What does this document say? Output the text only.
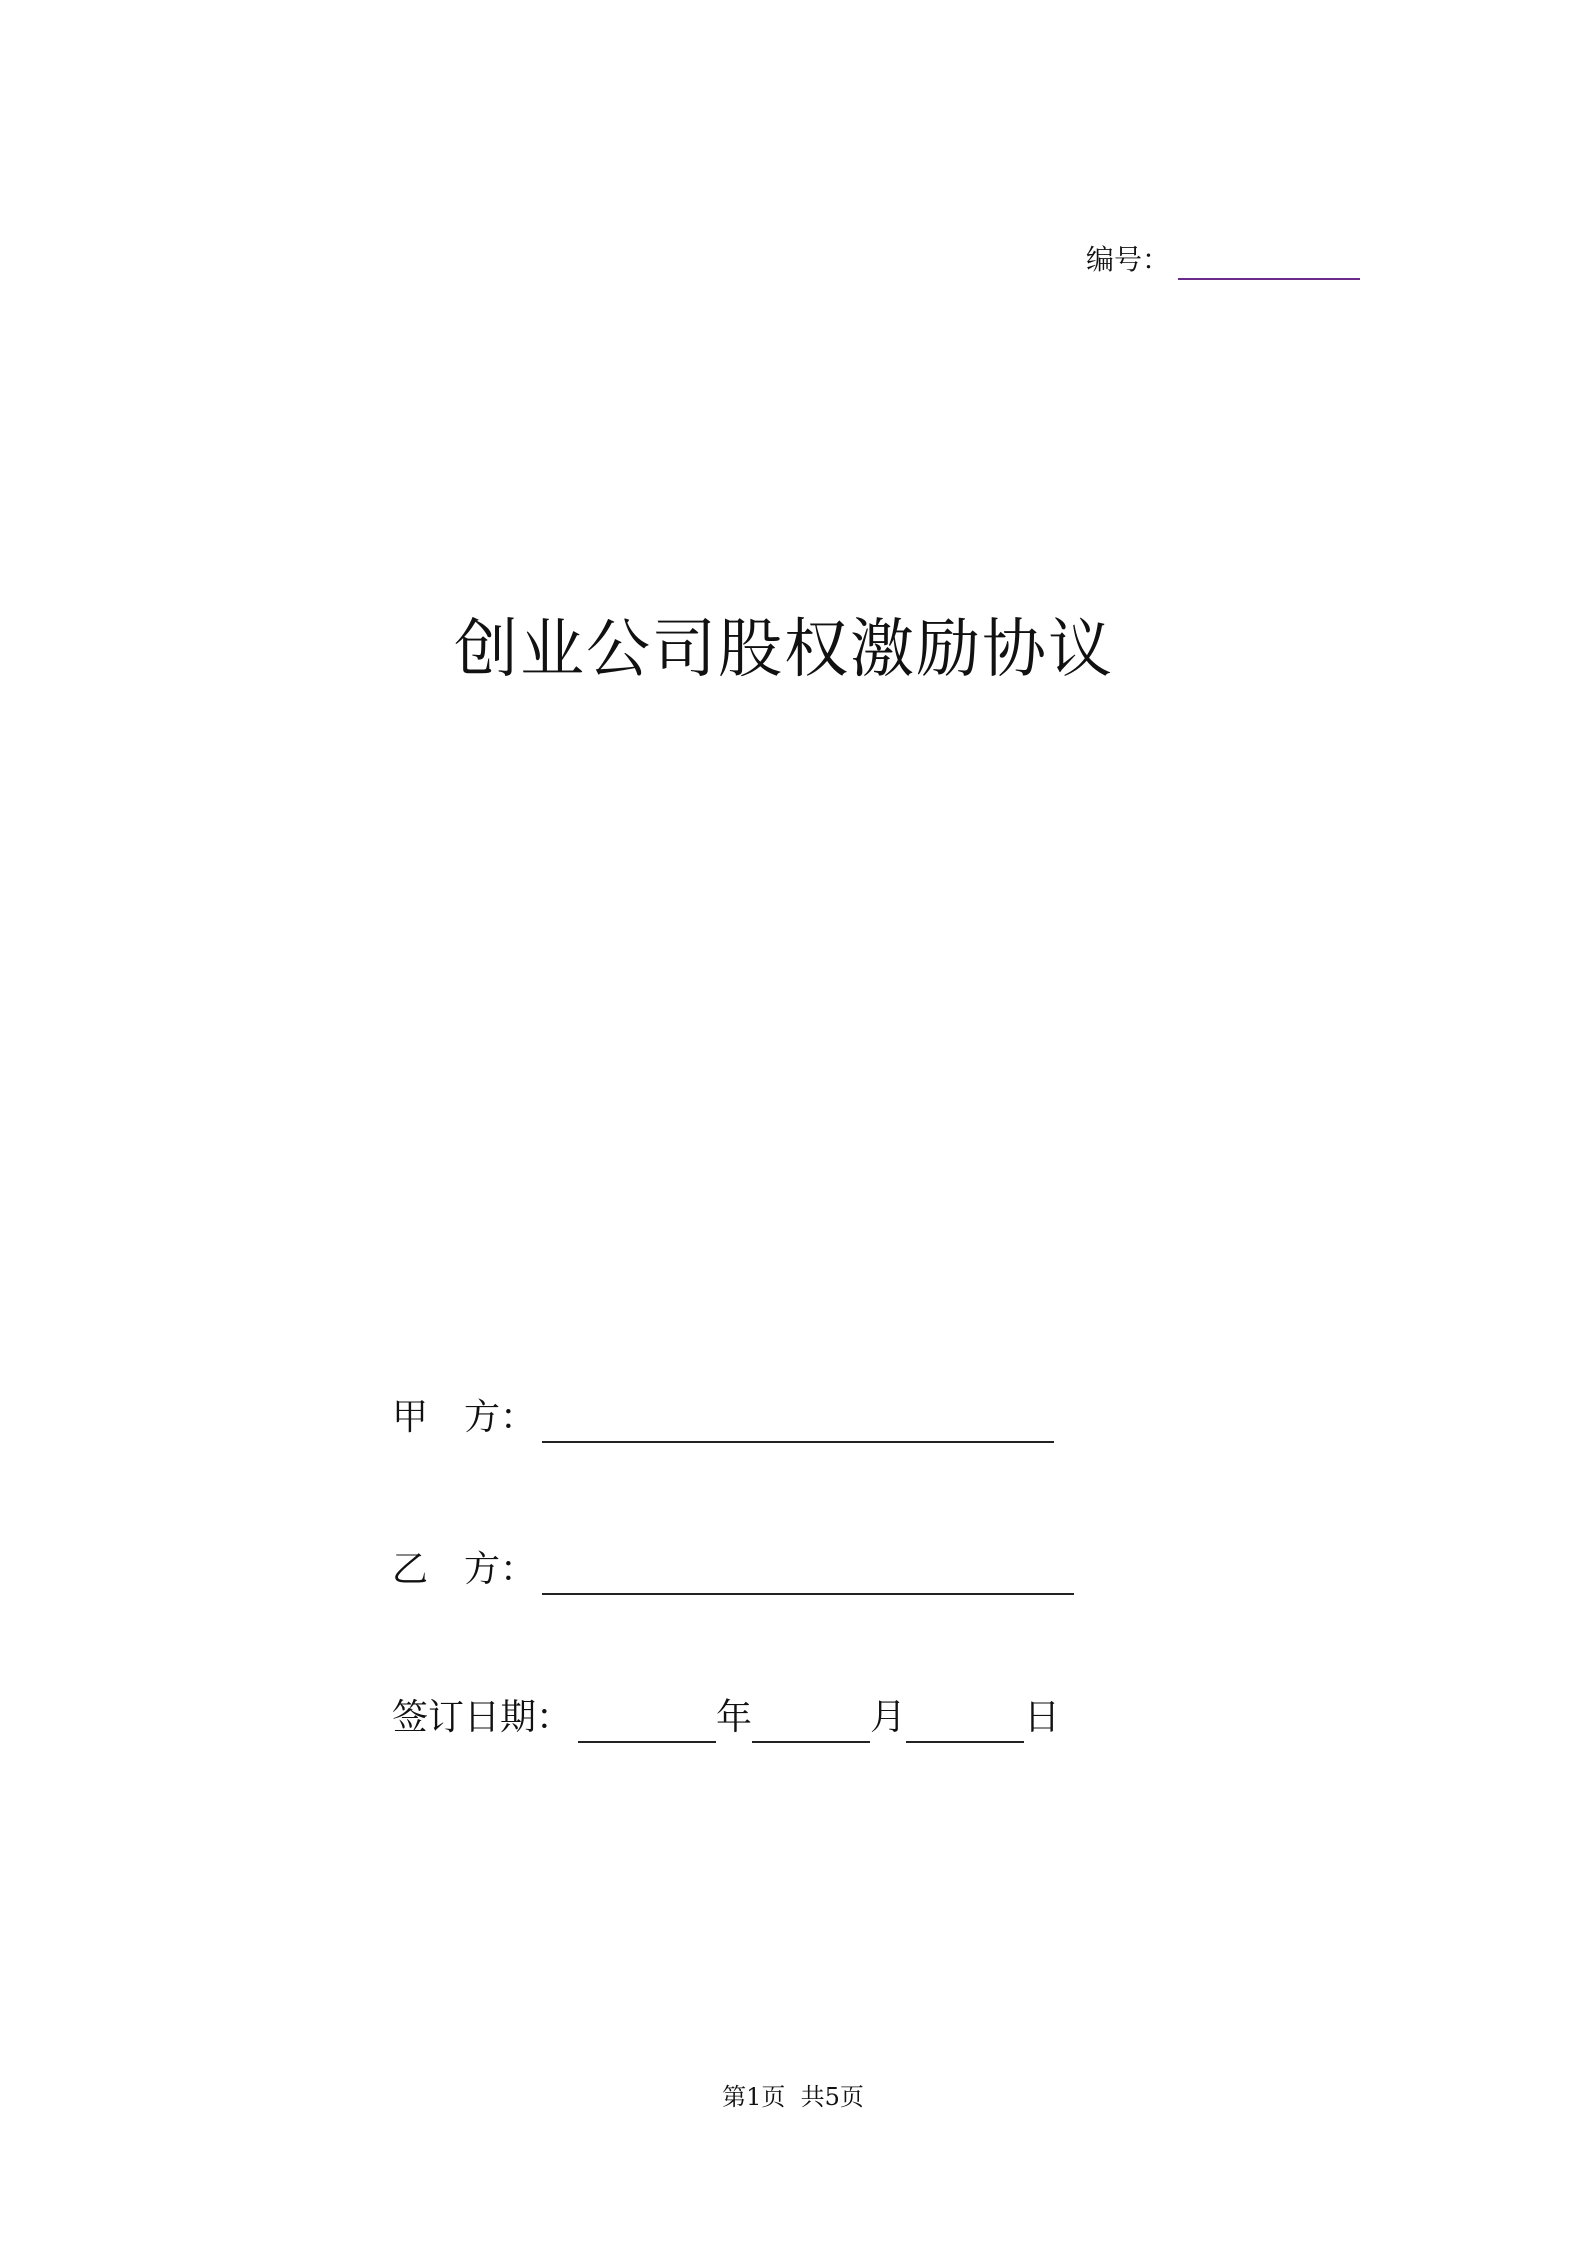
编号：
创业公司股权激励协议
甲　方：
乙　方：
签订日期：	年	月	日
第1页  共5页
